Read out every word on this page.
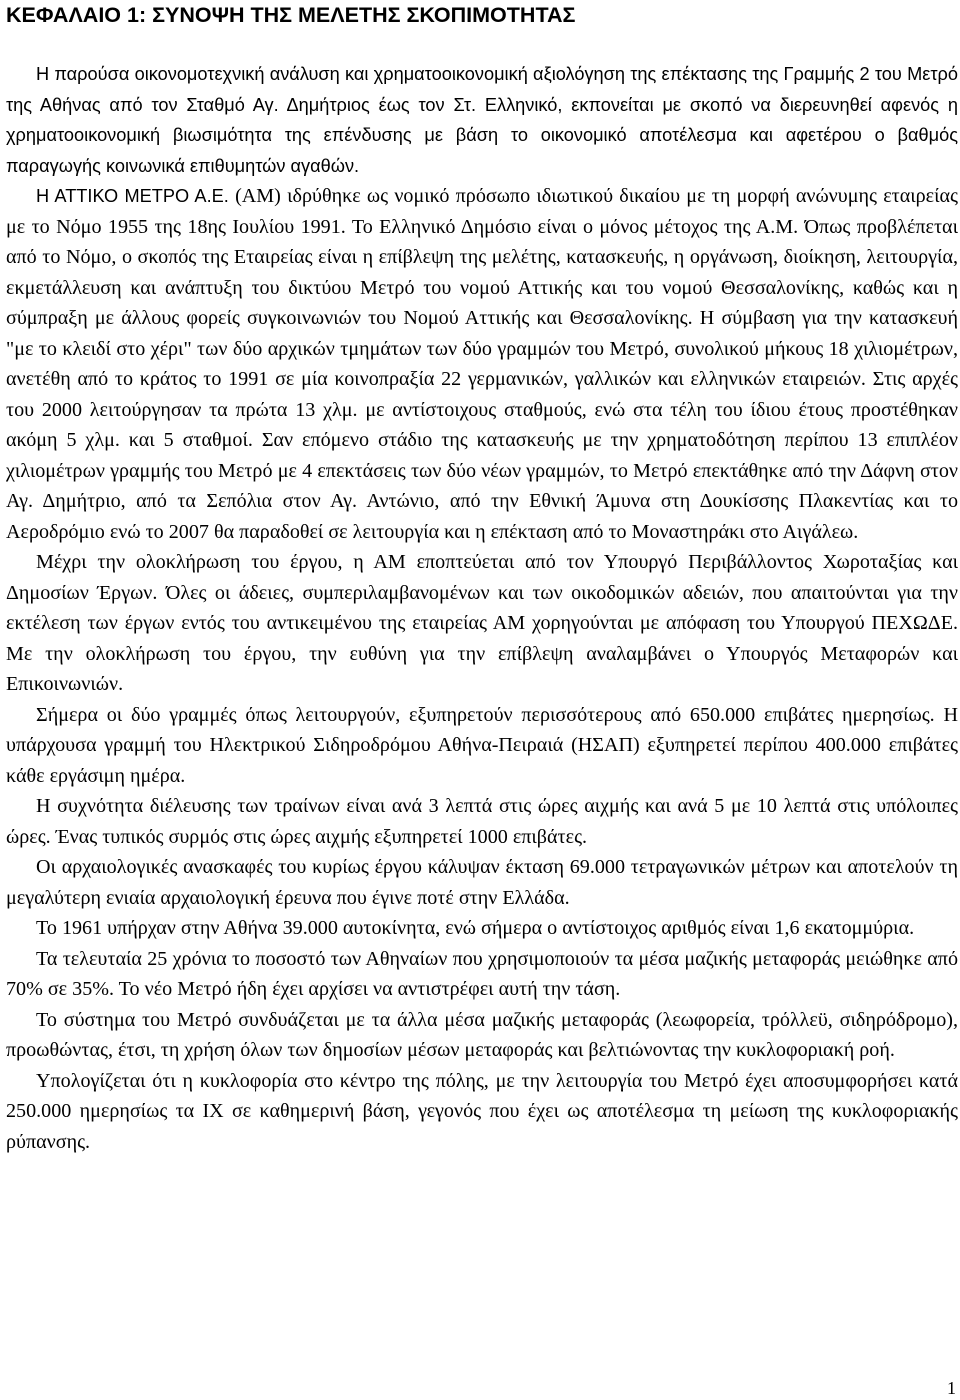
ΚΕΦΑΛΑΙΟ 1: ΣΥΝΟΨΗ ΤΗΣ ΜΕΛΕΤΗΣ ΣΚΟΠΙΜΟΤΗΤΑΣ

Η παρούσα οικονομοτεχνική ανάλυση και χρηματοοικονομική αξιολόγηση της επέκτασης της Γραμμής 2 του Μετρό της Αθήνας από τον Σταθμό Αγ. Δημήτριος έως τον Στ. Ελληνικό, εκπονείται με σκοπό να διερευνηθεί αφενός η χρηματοοικονομική βιωσιμότητα της επένδυσης με βάση το οικονομικό αποτέλεσμα και αφετέρου ο βαθμός παραγωγής κοινωνικά επιθυμητών αγαθών.

Η ΑΤΤΙΚΟ ΜΕΤΡΟ Α.Ε. (ΑΜ) ιδρύθηκε ως νομικό πρόσωπο ιδιωτικού δικαίου με τη μορφή ανώνυμης εταιρείας με το Νόμο 1955 της 18ης Ιουλίου 1991. Το Ελληνικό Δημόσιο είναι ο μόνος μέτοχος της Α.Μ. Όπως προβλέπεται από το Νόμο, ο σκοπός της Εταιρείας είναι η επίβλεψη της μελέτης, κατασκευής, η οργάνωση, διοίκηση, λειτουργία, εκμετάλλευση και ανάπτυξη του δικτύου Μετρό του νομού Αττικής και του νομού Θεσσαλονίκης, καθώς και η σύμπραξη με άλλους φορείς συγκοινωνιών του Νομού Αττικής και Θεσσαλονίκης. Η σύμβαση για την κατασκευή "με το κλειδί στο χέρι" των δύο αρχικών τμημάτων των δύο γραμμών του Μετρό, συνολικού μήκους 18 χιλιομέτρων, ανετέθη από το κράτος το 1991 σε μία κοινοπραξία 22 γερμανικών, γαλλικών και ελληνικών εταιρειών. Στις αρχές του 2000 λειτούργησαν τα πρώτα 13 χλμ. με αντίστοιχους σταθμούς, ενώ στα τέλη του ίδιου έτους προστέθηκαν ακόμη 5 χλμ. και 5 σταθμοί. Σαν επόμενο στάδιο της κατασκευής με την χρηματοδότηση περίπου 13 επιπλέον χιλιομέτρων γραμμής του Μετρό με 4 επεκτάσεις των δύο νέων γραμμών, το Μετρό επεκτάθηκε από την Δάφνη στον Αγ. Δημήτριο, από τα Σεπόλια στον Αγ. Αντώνιο, από την Εθνική Άμυνα στη Δουκίσσης Πλακεντίας και το Αεροδρόμιο ενώ το 2007 θα παραδοθεί σε λειτουργία και η επέκταση από το Μοναστηράκι στο Αιγάλεω.

Μέχρι την ολοκλήρωση του έργου, η ΑΜ εποπτεύεται από τον Υπουργό Περιβάλλοντος Χωροταξίας και Δημοσίων Έργων. Όλες οι άδειες, συμπεριλαμβανομένων και των οικοδομικών αδειών, που απαιτούνται για την εκτέλεση των έργων εντός του αντικειμένου της εταιρείας ΑΜ χορηγούνται με απόφαση του Υπουργού ΠΕΧΩΔΕ. Με την ολοκλήρωση του έργου, την ευθύνη για την επίβλεψη αναλαμβάνει ο Υπουργός Μεταφορών και Επικοινωνιών.

Σήμερα οι δύο γραμμές όπως λειτουργούν, εξυπηρετούν περισσότερους από 650.000 επιβάτες ημερησίως. Η υπάρχουσα γραμμή του Ηλεκτρικού Σιδηροδρόμου Αθήνα-Πειραιά (ΗΣΑΠ) εξυπηρετεί περίπου 400.000 επιβάτες κάθε εργάσιμη ημέρα.

Η συχνότητα διέλευσης των τραίνων είναι ανά 3 λεπτά στις ώρες αιχμής και ανά 5 με 10 λεπτά στις υπόλοιπες ώρες. Ένας τυπικός συρμός στις ώρες αιχμής εξυπηρετεί 1000 επιβάτες.

Οι αρχαιολογικές ανασκαφές του κυρίως έργου κάλυψαν έκταση 69.000 τετραγωνικών μέτρων και αποτελούν τη μεγαλύτερη ενιαία αρχαιολογική έρευνα που έγινε ποτέ στην Ελλάδα.

Το 1961 υπήρχαν στην Αθήνα 39.000 αυτοκίνητα, ενώ σήμερα ο αντίστοιχος αριθμός είναι 1,6 εκατομμύρια.

Τα τελευταία 25 χρόνια το ποσοστό των Αθηναίων που χρησιμοποιούν τα μέσα μαζικής μεταφοράς μειώθηκε από 70% σε 35%. Το νέο Μετρό ήδη έχει αρχίσει να αντιστρέφει αυτή την τάση.

Το σύστημα του Μετρό συνδυάζεται με τα άλλα μέσα μαζικής μεταφοράς (λεωφορεία, τρόλλεϋ, σιδηρόδρομο), προωθώντας, έτσι, τη χρήση όλων των δημοσίων μέσων μεταφοράς και βελτιώνοντας την κυκλοφοριακή ροή.

Υπολογίζεται ότι η κυκλοφορία στο κέντρο της πόλης, με την λειτουργία του Μετρό έχει αποσυμφορήσει κατά 250.000 ημερησίως τα ΙΧ σε καθημερινή βάση, γεγονός που έχει ως αποτέλεσμα τη μείωση της κυκλοφοριακής ρύπανσης.

1
